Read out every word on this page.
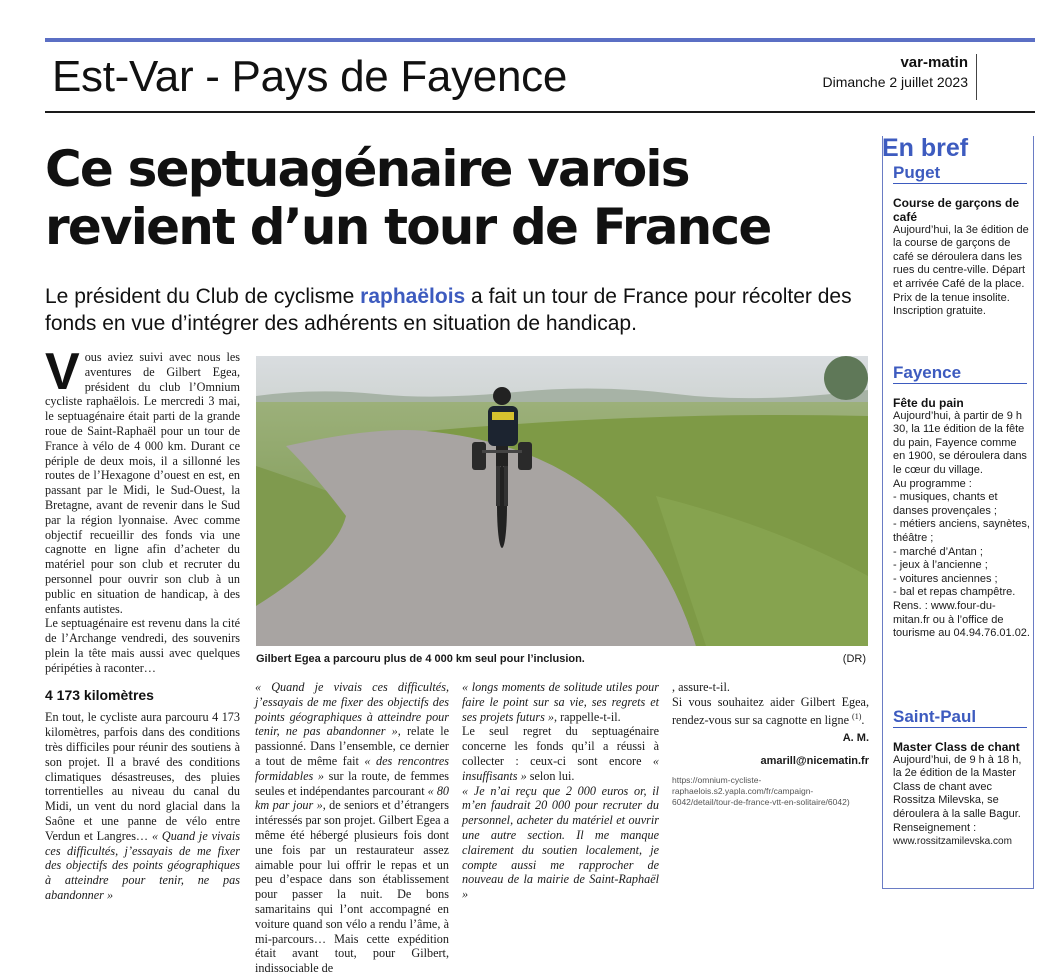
Est-Var - Pays de Fayence	var-matin
Dimanche 2 juillet 2023
Ce septuagénaire varois
revient d’un tour de France
Le président du Club de cyclisme raphaëlois a fait un tour de France pour récolter des fonds en vue d’intégrer des adhérents en situation de handicap.

Vous aviez suivi avec nous les aventures de Gilbert Egea, président du club l’Omnium cycliste raphaëlois. Le mercredi 3 mai, le septuagénaire était parti de la grande roue de Saint-Raphaël pour un tour de France à vélo de 4 000 km. Durant ce périple de deux mois, il a sillonné les routes de l’Hexagone d’ouest en est, en passant par le Midi, le Sud-Ouest, la Bretagne, avant de revenir dans le Sud par la région lyonnaise. Avec comme objectif recueillir des fonds via une cagnotte en ligne afin d’acheter du matériel pour son club et recruter du personnel pour ouvrir son club à un public en situation de handicap, à des enfants autistes.

Le septuagénaire est revenu dans la cité de l’Archange vendredi, des souvenirs plein la tête mais aussi avec quelques péripéties à raconter…

4 173 kilomètres

En tout, le cycliste aura parcouru 4 173 kilomètres, parfois dans des conditions très difficiles pour réunir des soutiens à son projet. Il a bravé des conditions climatiques désastreuses, des pluies torrentielles au niveau du canal du Midi, un vent du nord glacial dans la Saône et une panne de vélo entre Verdun et Langres… « Quand je vivais ces difficultés, j’essayais de me fixer des objectifs des points géographiques à atteindre pour tenir, ne pas abandonner »

Gilbert Egea a parcouru plus de 4 000 km seul pour l’inclusion.	(DR)

« Quand je vivais ces difficultés, j’essayais de me fixer des objectifs des points géographiques à atteindre pour tenir, ne pas abandonner », relate le passionné. Dans l’ensemble, ce dernier a tout de même fait « des rencontres formidables » sur la route, de femmes seules et indépendantes parcourant « 80 km par jour », de seniors et d’étrangers intéressés par son projet. Gilbert Egea a même été hébergé plusieurs fois dont une fois par un restaurateur assez aimable pour lui offrir le repas et un peu d’espace dans son établissement pour passer la nuit. De bons samaritains qui l’ont accompagné en voiture quand son vélo a rendu l’âme, à mi-parcours… Mais cette expédition était avant tout, pour Gilbert, indissociable de

« longs moments de solitude utiles pour faire le point sur sa vie, ses regrets et ses projets futurs », rappelle-t-il.

Le seul regret du septuagénaire concerne les fonds qu’il a réussi à collecter : ceux-ci sont encore « insuffisants » selon lui.

« Je n’ai reçu que 2 000 euros or, il m’en faudrait 20 000 pour recruter du personnel, acheter du matériel et ouvrir une autre section. Il me manque clairement du soutien localement, je compte aussi me rapprocher de nouveau de la mairie de Saint-Raphaël »

, assure-t-il.

Si vous souhaitez aider Gilbert Egea, rendez-vous sur sa cagnotte en ligne $^{(1)}$.

A. M.
amarill@nicematin.fr
https://omnium-cycliste-raphaelois.s2.yapla.com/fr/campaign-6042/detail/tour-de-france-vtt-en-solitaire/6042)
En bref
Puget
Course de garçons de café

Aujourd’hui, la 3e édition de la course de garçons de café se déroulera dans les rues du centre-ville. Départ et arrivée Café de la place. Prix de la tenue insolite. Inscription gratuite.

Fayence
Fête du pain

Aujourd’hui, à partir de 9 h 30, la 11e édition de la fête du pain, Fayence comme en 1900, se déroulera dans le cœur du village.

Au programme :

- musiques, chants et danses provençales ;

- métiers anciens, saynètes, théâtre ;

- marché d’Antan ;

- jeux à l’ancienne ;

- voitures anciennes ;

- bal et repas champêtre.

Rens. : www.four-du-mitan.fr ou à l’office de tourisme au 04.94.76.01.02.

Saint-Paul
Master Class de chant

Aujourd’hui, de 9 h à 18 h, la 2e édition de la Master Class de chant avec Rossitza Milevska, se déroulera à la salle Bagur.

Renseignement :

www.rossitzamilevska.com
